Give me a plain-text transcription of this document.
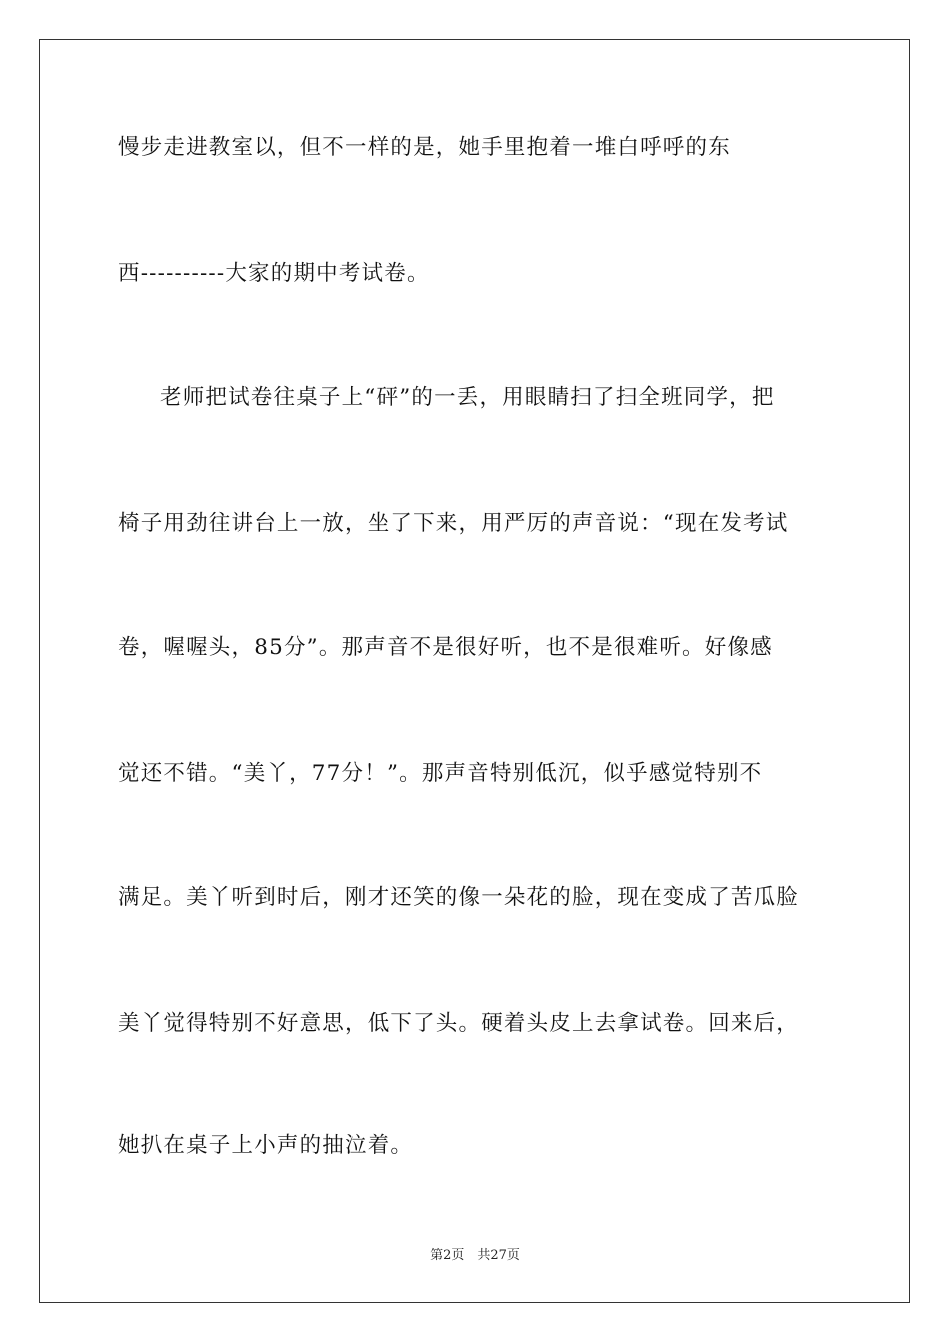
慢步走进教室以，但不一样的是，她手里抱着一堆白呼呼的东
西----------大家的期中考试卷。
老师把试卷往桌子上“砰”的一丢，用眼睛扫了扫全班同学，把
椅子用劲往讲台上一放，坐了下来，用严厉的声音说：“现在发考试
卷，喔喔头，85分”。那声音不是很好听，也不是很难听。好像感
觉还不错。“美丫，77分！”。那声音特别低沉，似乎感觉特别不
满足。美丫听到时后，刚才还笑的像一朵花的脸，现在变成了苦瓜脸
美丫觉得特别不好意思，低下了头。硬着头皮上去拿试卷。回来后，
她扒在桌子上小声的抽泣着。
第2页　共27页
